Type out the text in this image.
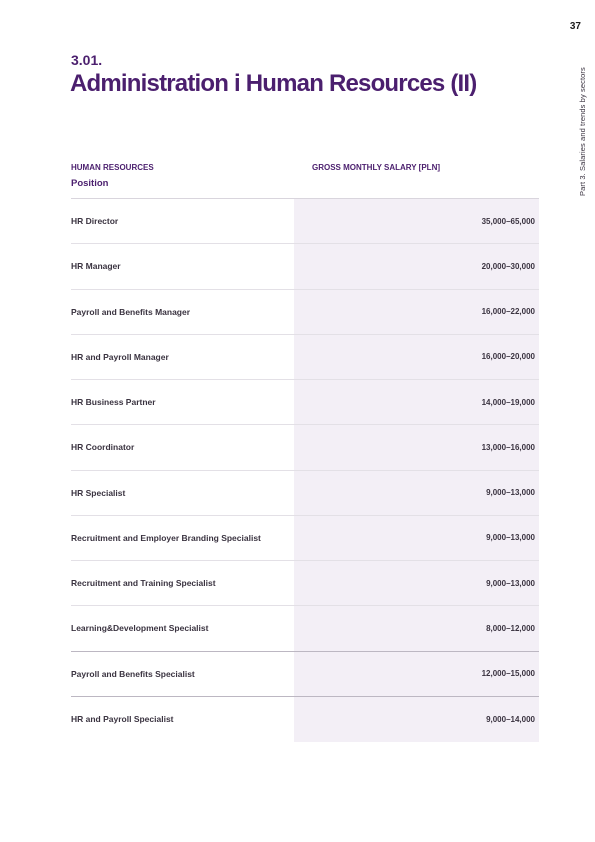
37
Part 3. Salaries and trends by sectors
3.01.
Administration i Human Resources (II)
HUMAN RESOURCES
Position
GROSS MONTHLY SALARY [PLN]
HR Director	35,000–65,000
HR Manager	20,000–30,000
Payroll and Benefits Manager	16,000–22,000
HR and Payroll Manager	16,000–20,000
HR Business Partner	14,000–19,000
HR Coordinator	13,000–16,000
HR Specialist	9,000–13,000
Recruitment and Employer Branding Specialist	9,000–13,000
Recruitment and Training Specialist	9,000–13,000
Learning&Development Specialist	8,000–12,000
Payroll and Benefits Specialist	12,000–15,000
HR and Payroll Specialist	9,000–14,000
